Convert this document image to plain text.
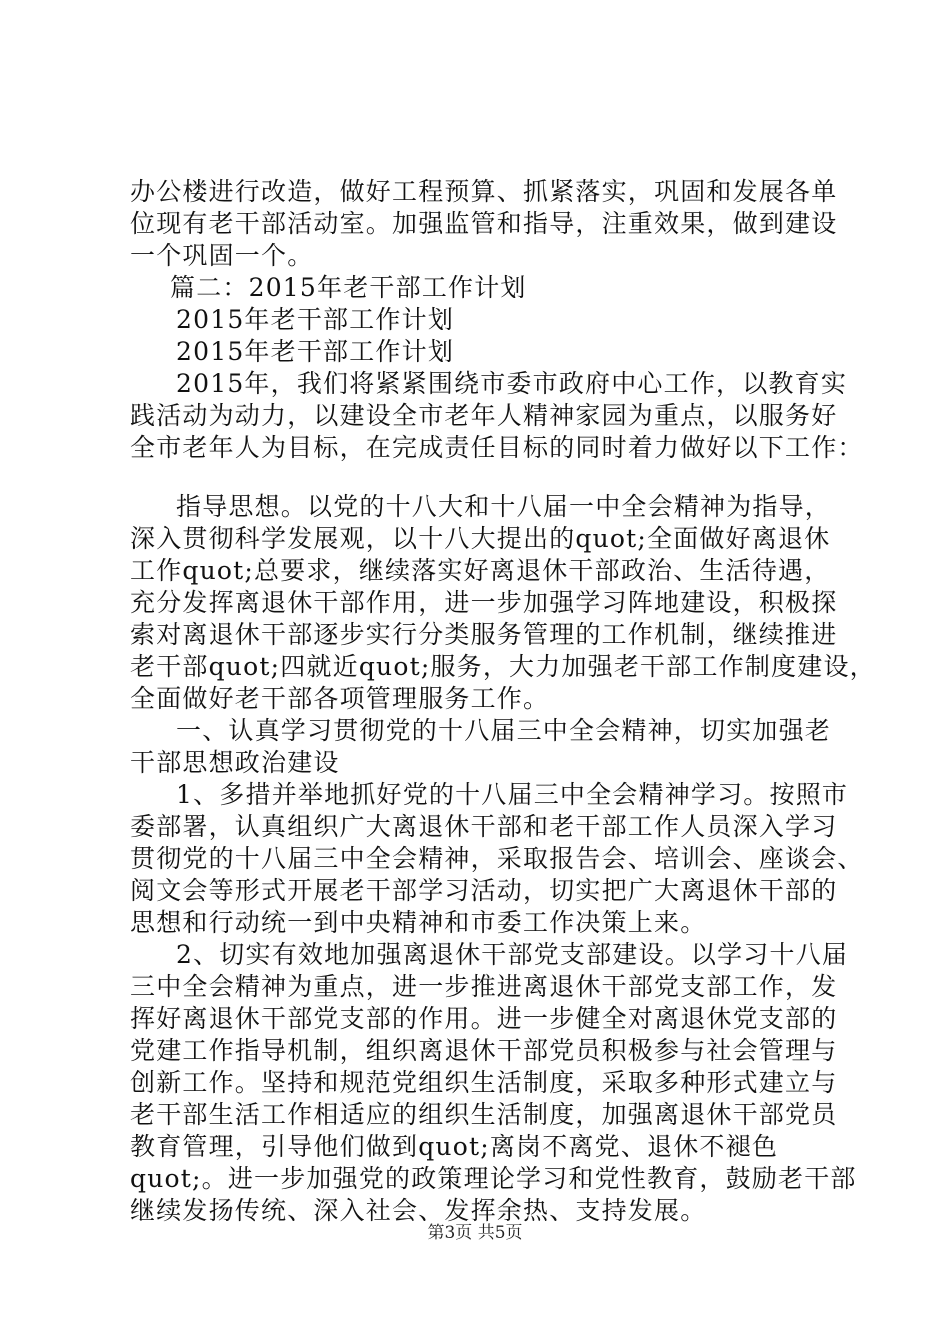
办公楼进行改造，做好工程预算、抓紧落实，巩固和发展各单
位现有老干部活动室。加强监管和指导，注重效果，做到建设
一个巩固一个。
篇二：2015年老干部工作计划
2015年老干部工作计划
2015年老干部工作计划
2015年，我们将紧紧围绕市委市政府中心工作，以教育实
践活动为动力，以建设全市老年人精神家园为重点，以服务好
全市老年人为目标，在完成责任目标的同时着力做好以下工作：
指导思想。以党的十八大和十八届一中全会精神为指导，
深入贯彻科学发展观，以十八大提出的quot;全面做好离退休
工作quot;总要求，继续落实好离退休干部政治、生活待遇，
充分发挥离退休干部作用，进一步加强学习阵地建设，积极探
索对离退休干部逐步实行分类服务管理的工作机制，继续推进
老干部quot;四就近quot;服务，大力加强老干部工作制度建设，
全面做好老干部各项管理服务工作。
一、认真学习贯彻党的十八届三中全会精神，切实加强老
干部思想政治建设
1、多措并举地抓好党的十八届三中全会精神学习。按照市
委部署，认真组织广大离退休干部和老干部工作人员深入学习
贯彻党的十八届三中全会精神，采取报告会、培训会、座谈会、
阅文会等形式开展老干部学习活动，切实把广大离退休干部的
思想和行动统一到中央精神和市委工作决策上来。
2、切实有效地加强离退休干部党支部建设。以学习十八届
三中全会精神为重点，进一步推进离退休干部党支部工作，发
挥好离退休干部党支部的作用。进一步健全对离退休党支部的
党建工作指导机制，组织离退休干部党员积极参与社会管理与
创新工作。坚持和规范党组织生活制度，采取多种形式建立与
老干部生活工作相适应的组织生活制度，加强离退休干部党员
教育管理，引导他们做到quot;离岗不离党、退休不褪色
quot;。进一步加强党的政策理论学习和党性教育，鼓励老干部
继续发扬传统、深入社会、发挥余热、支持发展。
第3页 共5页
